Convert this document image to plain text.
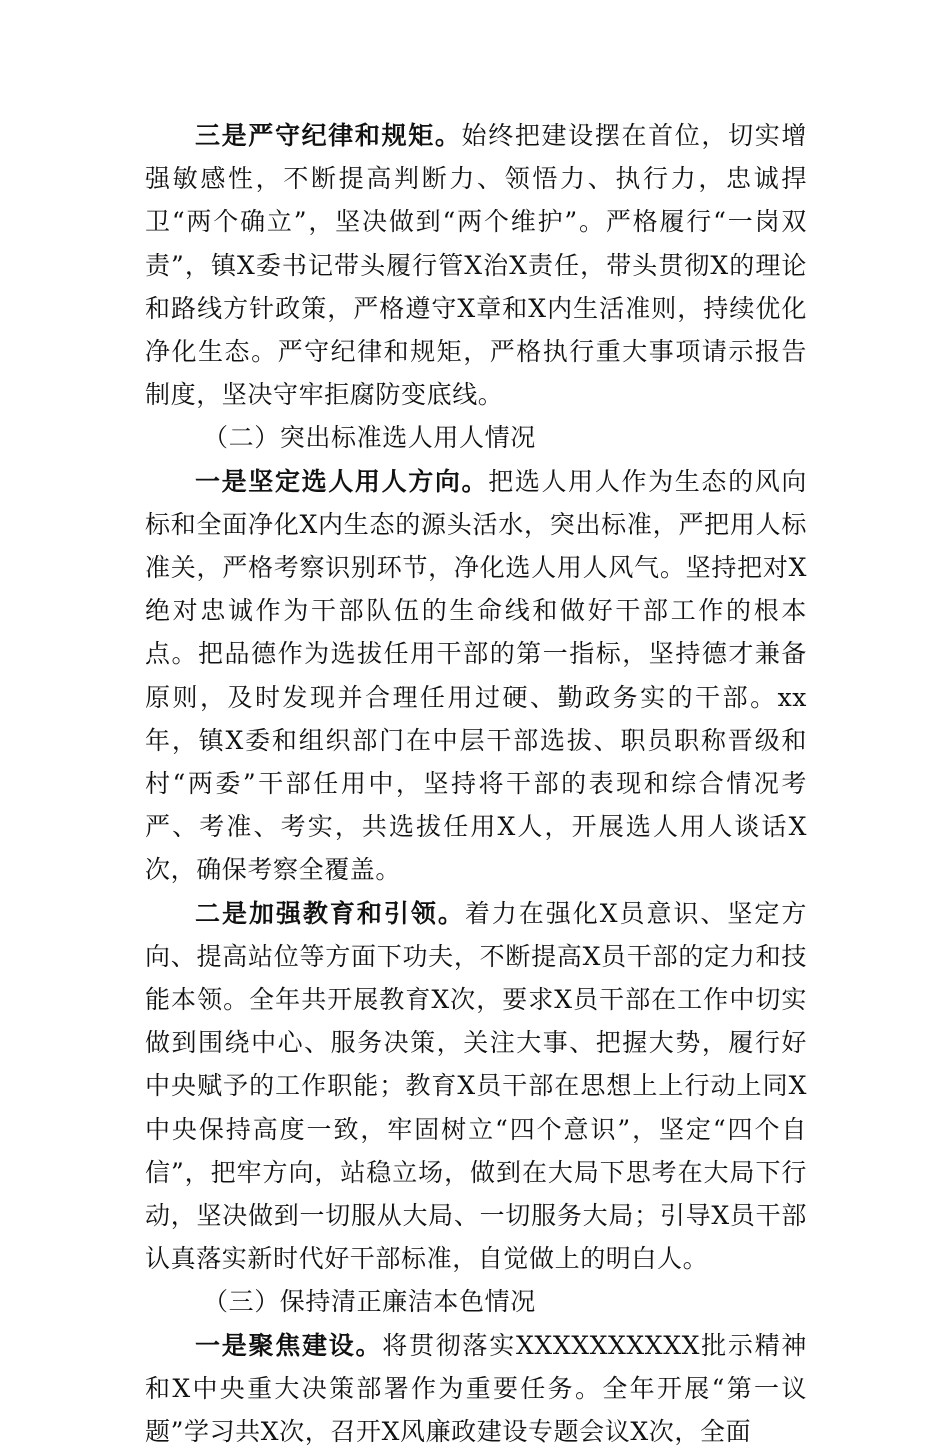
三是严守纪律和规矩。始终把建设摆在首位，切实增强敏感性，不断提高判断力、领悟力、执行力，忠诚捍卫“两个确立”，坚决做到“两个维护”。严格履行“一岗双责”，镇X委书记带头履行管X治X责任，带头贯彻X的理论和路线方针政策，严格遵守X章和X内生活准则，持续优化净化生态。严守纪律和规矩，严格执行重大事项请示报告制度，坚决守牢拒腐防变底线。

（二）突出标准选人用人情况

一是坚定选人用人方向。把选人用人作为生态的风向标和全面净化X内生态的源头活水，突出标准，严把用人标准关，严格考察识别环节，净化选人用人风气。坚持把对X绝对忠诚作为干部队伍的生命线和做好干部工作的根本点。把品德作为选拔任用干部的第一指标，坚持德才兼备原则，及时发现并合理任用过硬、勤政务实的干部。xx年，镇X委和组织部门在中层干部选拔、职员职称晋级和村“两委”干部任用中，坚持将干部的表现和综合情况考严、考准、考实，共选拔任用X人，开展选人用人谈话X次，确保考察全覆盖。

二是加强教育和引领。着力在强化X员意识、坚定方向、提高站位等方面下功夫，不断提高X员干部的定力和技能本领。全年共开展教育X次，要求X员干部在工作中切实做到围绕中心、服务决策，关注大事、把握大势，履行好中央赋予的工作职能；教育X员干部在思想上上行动上同X中央保持高度一致，牢固树立“四个意识”，坚定“四个自信”，把牢方向，站稳立场，做到在大局下思考在大局下行动，坚决做到一切服从大局、一切服务大局；引导X员干部认真落实新时代好干部标准，自觉做上的明白人。

（三）保持清正廉洁本色情况

一是聚焦建设。将贯彻落实XXXXXXXXXX批示精神和X中央重大决策部署作为重要任务。全年开展“第一议题”学习共X次，召开X风廉政建设专题会议X次，全面
